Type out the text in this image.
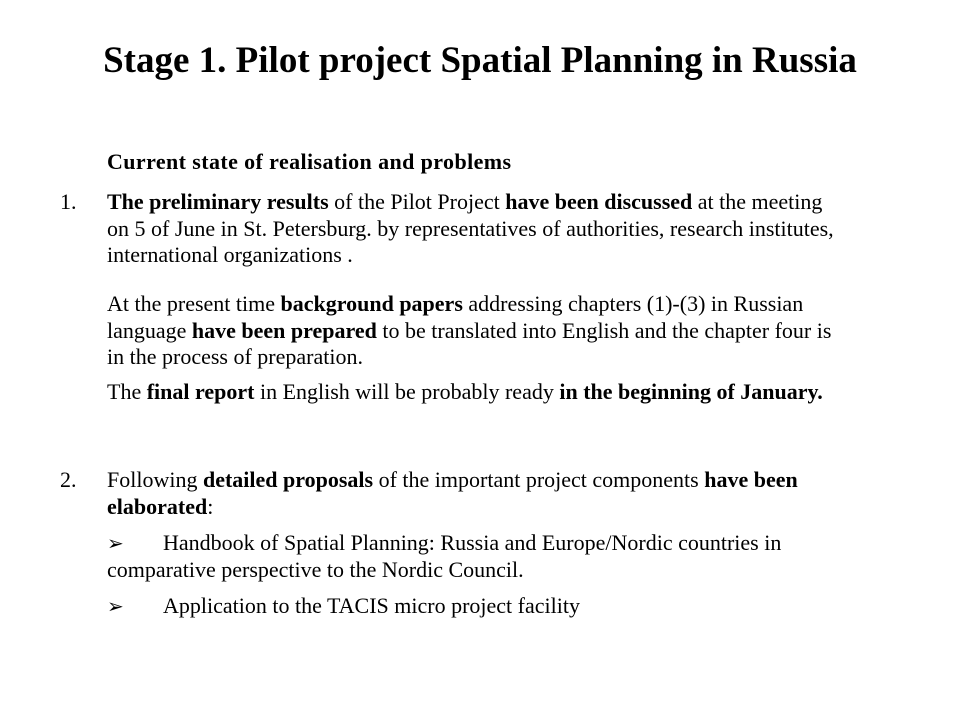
Stage 1. Pilot project Spatial Planning in Russia

Current state of realisation and problems

1. The preliminary results of the Pilot Project have been discussed at the meeting on 5 of June in St. Petersburg. by representatives of authorities, research institutes, international organizations .

At the present time background papers addressing chapters (1)-(3) in Russian language have been prepared to be translated into English and the chapter four is in the process of preparation.

The final report in English will be probably ready in the beginning of January.

2. Following detailed proposals of the important project components have been elaborated:

➢ Handbook of Spatial Planning: Russia and Europe/Nordic countries in comparative perspective to the Nordic Council.

➢ Application to the TACIS micro project facility
